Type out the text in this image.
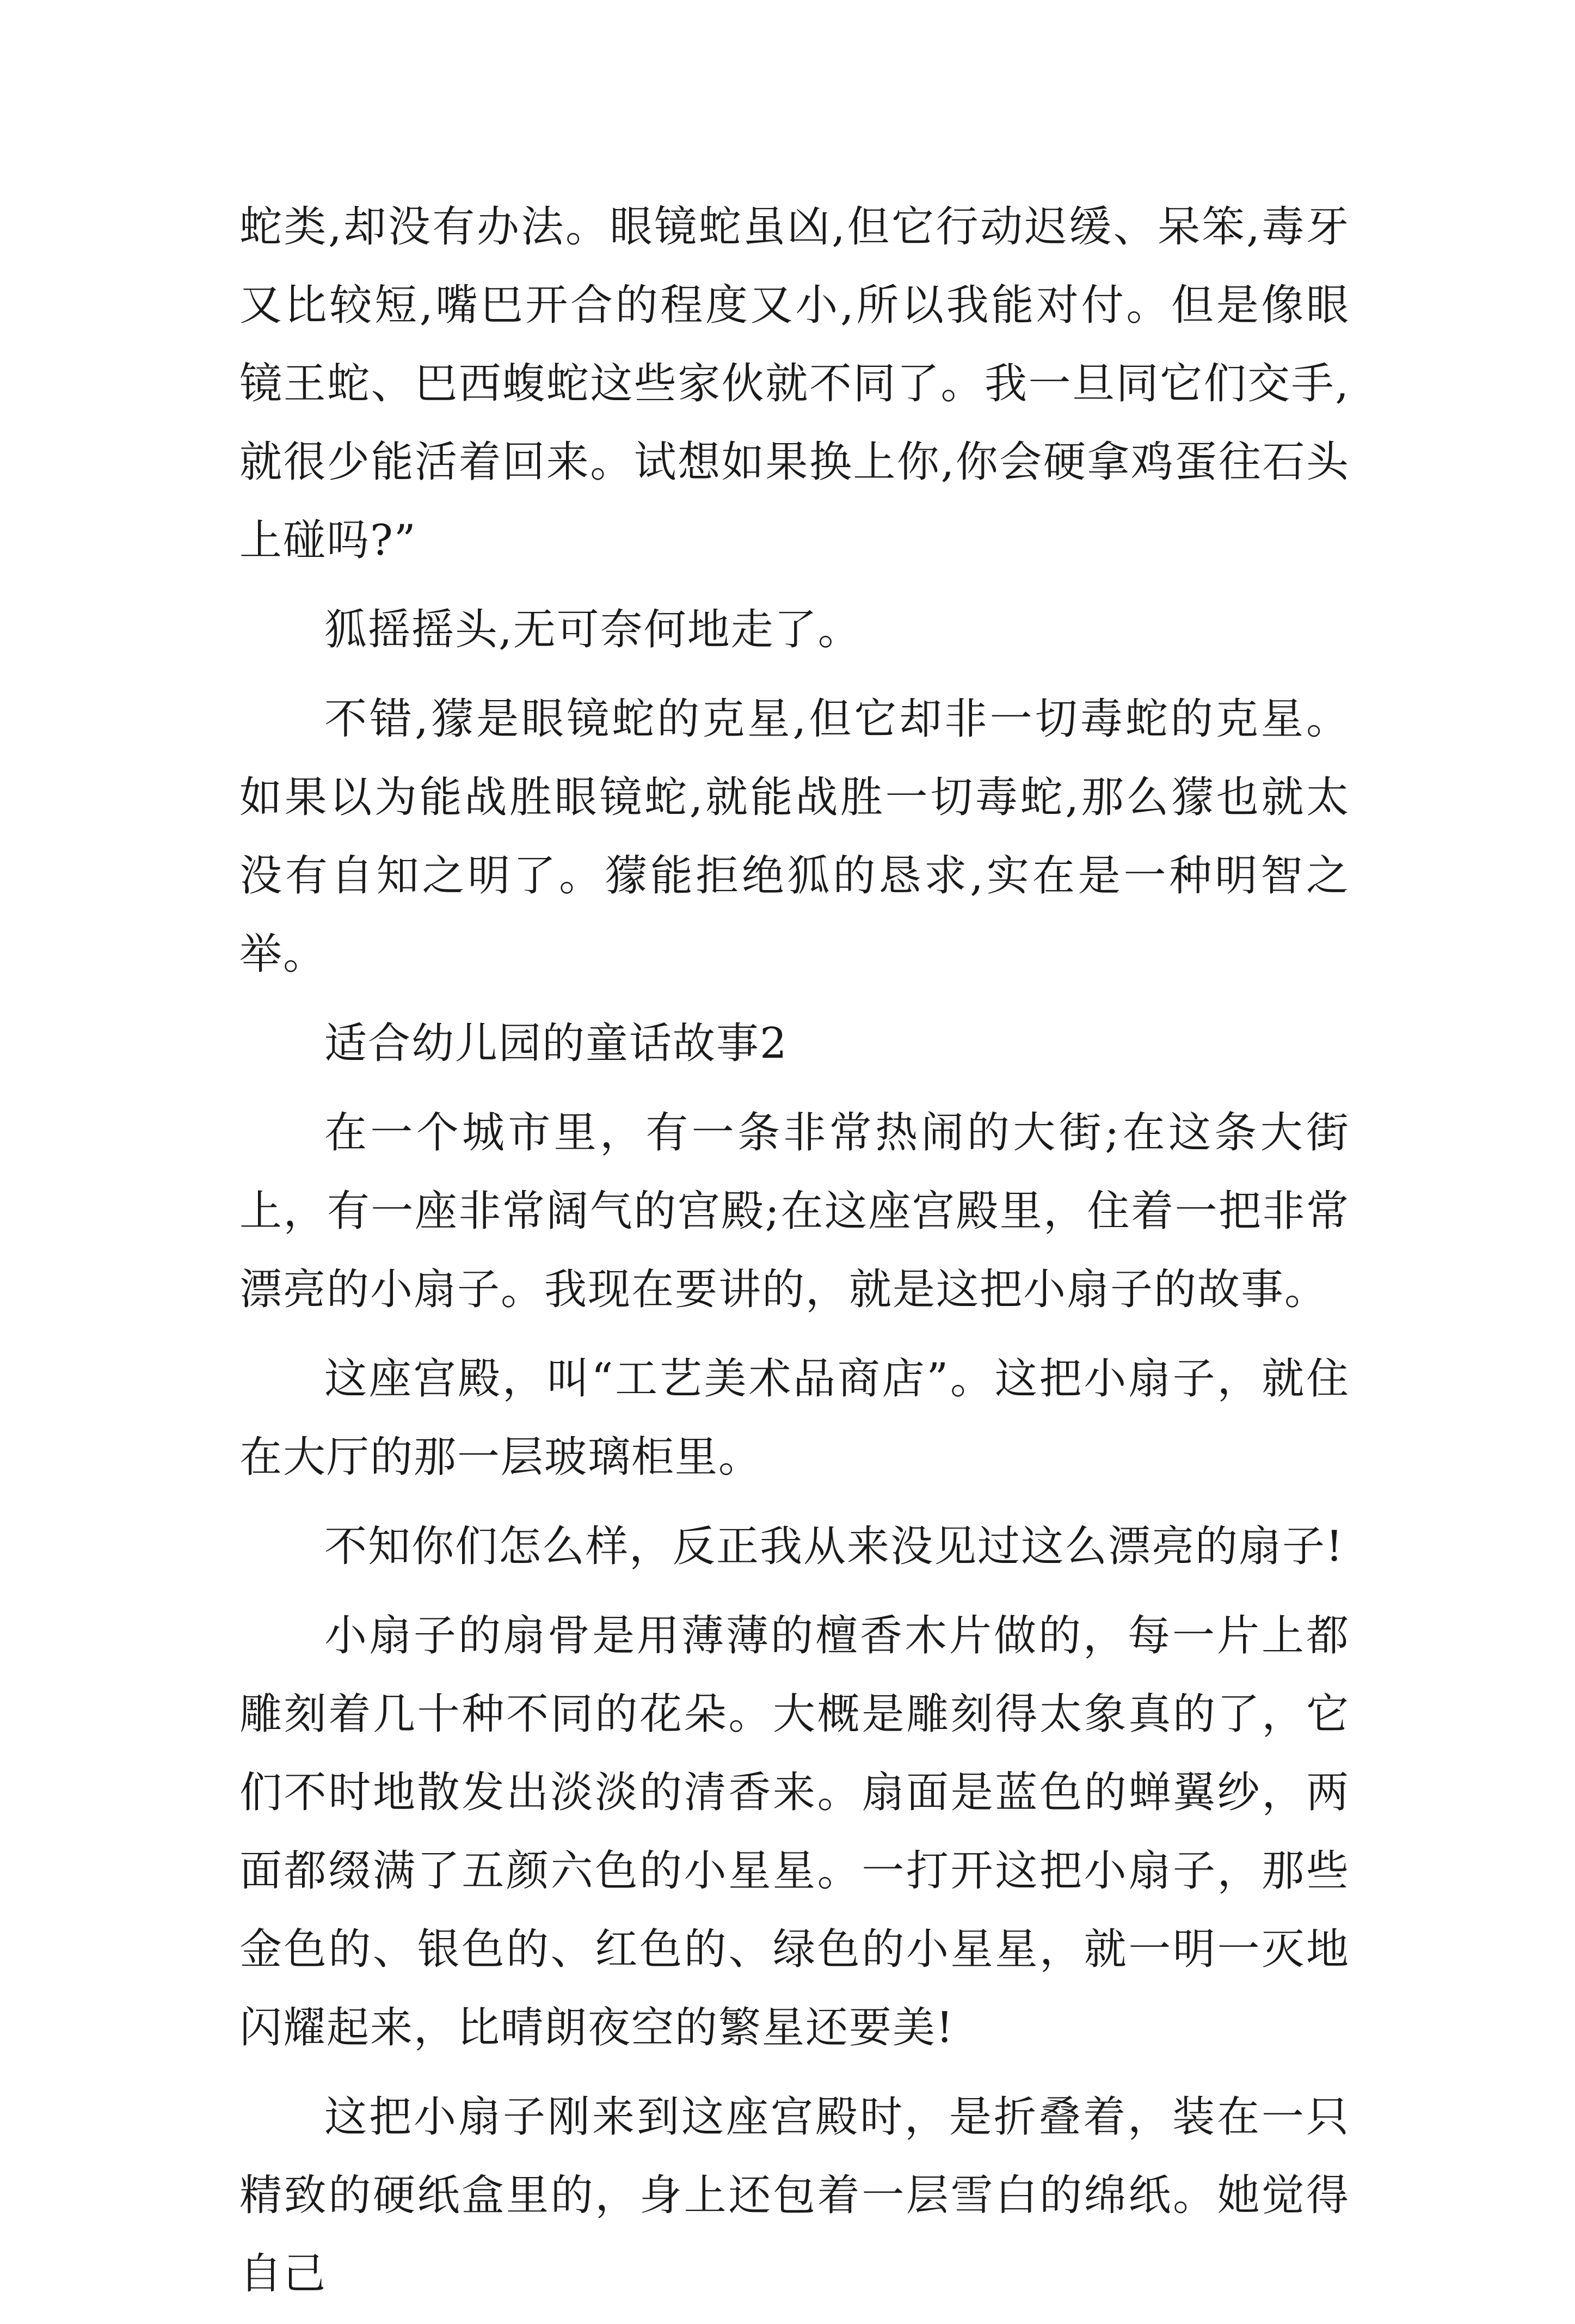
蛇类,却没有办法。眼镜蛇虽凶,但它行动迟缓、呆笨,毒牙又比较短,嘴巴开合的程度又小,所以我能对付。但是像眼镜王蛇、巴西蝮蛇这些家伙就不同了。我一旦同它们交手,就很少能活着回来。试想如果换上你,你会硬拿鸡蛋往石头上碰吗?”

狐摇摇头,无可奈何地走了。

不错,獴是眼镜蛇的克星,但它却非一切毒蛇的克星。如果以为能战胜眼镜蛇,就能战胜一切毒蛇,那么獴也就太没有自知之明了。獴能拒绝狐的恳求,实在是一种明智之举。

适合幼儿园的童话故事2

在一个城市里，有一条非常热闹的大街;在这条大街上，有一座非常阔气的宫殿;在这座宫殿里，住着一把非常漂亮的小扇子。我现在要讲的，就是这把小扇子的故事。

这座宫殿，叫“工艺美术品商店”。这把小扇子，就住在大厅的那一层玻璃柜里。

不知你们怎么样，反正我从来没见过这么漂亮的扇子!

小扇子的扇骨是用薄薄的檀香木片做的，每一片上都雕刻着几十种不同的花朵。大概是雕刻得太象真的了，它们不时地散发出淡淡的清香来。扇面是蓝色的蝉翼纱，两面都缀满了五颜六色的小星星。一打开这把小扇子，那些金色的、银色的、红色的、绿色的小星星，就一明一灭地闪耀起来，比晴朗夜空的繁星还要美!

这把小扇子刚来到这座宫殿时，是折叠着，装在一只精致的硬纸盒里的，身上还包着一层雪白的绵纸。她觉得自己
